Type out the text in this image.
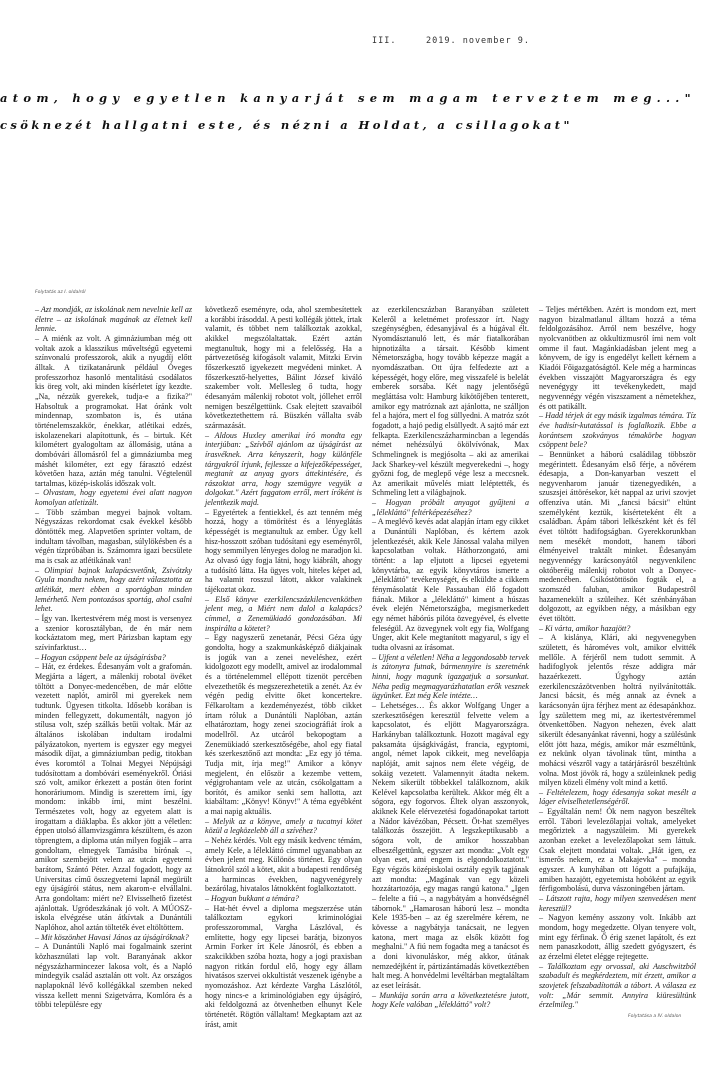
III.	2019. november 9.
atom, hogy egyetlen kanyarját sem magam terveztem meg..."
csöknezét hallgatni este, és nézni a Holdat, a csillagokat"
Folytatás az I. oldalról

– Azt mondják, az iskolának nem nevelnie kell az életre – az iskolának magának az életnek kell lennie.

– A miénk az volt. A gimnáziumban még ott voltak azok a klasszikus műveltségű egyetemi színvonalú professzorok, akik a nyugdíj előtt álltak. A tizikatanárunk például Óveges professzorhoz hasonló mentalitású csodálatos kis öreg volt, aki minden kísérletet így kezdte. „Na, nézzük gyerekek, tudja-e a fizika?" Habsoltuk a programokat. Hat óránk volt mindennap, szombaton is, és utána történelemszakkör, énekkar, atlétikai edzés, iskolazenekari alapítottunk, és – birtuk. Két kilométert gyalogoltam az állomásig, utána a dombóvári állomásról fel a gimnáziumba meg máshét kilométer, ezt egy fárasztó edzést követően haza, aztán még tanulni. Végtelenül tartalmas, közép-iskolás időszak volt.

– Olvastam, hogy egyetemi évei alatt nagyon komolyan atletizált.

– Több számban megyei bajnok voltam. Négyszázas rekordomat csak évekkel később döntötték meg. Alapvetően sprinter voltam, de indultam távolban, magasban, súlylökésben és a végén tízpróbában is. Számomra igazi becsülete ma is csak az atlétikának van!

– Olimpiai bajnok kalapácsvetőnk, Zsivótzky Gyula mondta nekem, hogy azért választotta az atlétikát, mert ebben a sportágban minden lemérhető. Nem pontozásos sportág, ahol csalni lehet.

– Így van. Ikertestvérem még most is versenyez a szenior korosztályban, de én már nem kockáztatom meg, mert Párizsban kaptam egy szívinfarktust…

– Hogyan csöppent bele az újságírásba?

– Hát, ez érdekes. Édesanyám volt a grafomán. Megjárta a lágert, a málenkij robotal övéket töltött a Donyec-medencében, de már előtte vezetett naplót, amiről mi gyerekek nem tudtunk. Ügyesen titkolta. Idősebb korában is minden fellegyzett, dokumentált, nagyon jó stílusa volt, szép szálkás betűi voltak. Már az általános iskolában indultam irodalmi pályázatokon, nyertem is egyszer egy megyei második díjat, a gimnáziumban pedig, titokban éves koromtól a Tolnai Megyei Népújsági tudósítottam a dombóvári eseményekről. Óriási szó volt, amikor érkezett a postán öten forint honoráriumom. Mindig is szerettem írni, így mondom: inkább írni, mint beszélni. Természetes volt, hogy az egyetem alatt is írogattam a diáklapba. És akkor jött a véletlen: éppen utolsó államvizsgámra készültem, és azon töprengtem, a diploma után milyen fogják – arra gondoltam, elmegyek Tamásiba bírónak –, amikor szembejött velem az utcán egyetemi barátom, Szántó Péter. Azzal fogadott, hogy az Universitas című összegyetemi lapnál megürült egy újságírói státus, nem akarom-e elvállalni. Arra gondoltam: miért ne? Elvisselhető fizetést ajánlottak. Ugródeszkának jó volt. A MÚOSZ-iskola elvégzése után átkívtak a Dunántúli Naplóhoz, ahol aztán tölteték évet eltöltöttem.

– Mit köszönhet Havasi János az újságíróknak?

– A Dunántúli Napló mai fogalmaink szerint közhasznúlati lap volt. Baranyának akkor négyszázharmincezer lakosa volt, és a Napló mindegyik család asztalán ott volt. Az országos naplapoknál lévő kollégákkal szemben neked vissza kellett menni Szigetvárra, Komlóra és a többi településre egy

következő eseményre, oda, ahol szembesítettek a korábbi írásoddal. A pesti kollégák jöttek, írtak valamit, és többet nem találkoztak azokkal, akikkel megszólaltattak. Ezért aztán megtanultuk, hogy mi a felelősség. Ha a pártvezetőség kifogásolt valamit, Mitzki Ervin főszerkesztő igyekezett megvédeni minket. A főszerkesztő-helyettes, Bálint József kiváló szakember volt. Mellesleg ő tudta, hogy édesanyám málenkij robotot volt, jóllehet erről nemigen beszélgettünk. Csak elejtett szavaiból következtethettem rá. Büszkén vállalta sváb származását.

– Aldous Huxley amerikai író mondta egy interjúban: „Szívből ajánlom az újságírást az írasvéknek. Arra kényszerít, hogy különféle tárgyakról írjunk, fejlessze a kifejezőképességet, megtanít az anyag gyors áttekintésére, és rászoktat arra, hogy szemügyre vegyük a dolgokat." Azért faggatom erről, mert íróként is jelentkezik majd.

– Egyetértek a fentiekkel, és azt tenném még hozzá, hogy a tömörítést és a lényeglátás képességét is megtanultuk az ember. Úgy kell hisz-hosszott szóban tudósítani egy eseményről, hogy semmilyen lényeges dolog ne maradjon ki. Az olvasó úgy fogja látni, hogy kiábrált, ahogy a tudósító látta. Ha ügyes volt, hiteles képet ad, ha valamit rosszul látott, akkor valakinek tájékoztat okoz.

– Első könyve ezerkilencszázkilencvenkötben jelent meg, a Miért nem dalol a kalapács? címmel, a Zenemükiadó gondozásában. Mi inspirálta a kötetet?

– Egy nagyszerű zenetanár, Pécsi Géza úgy gondolta, hogy a szakmunkásképző diákjainak is jogúk van a zenei neveléshez, ezért kidolgozott egy modellt, amivel az irodalommal és a történelemmel ellépott tizenöt percében elvezethetők és megszerezhetetik a zenét. Az év végén pedig elvitte őket koncertekre. Félkaroltam a kezdeményezést, több cikket írtam róluk a Dunántúli Naplóban, aztán elhatároztam, hogy zenei szociográfiát írok a modellről. Az utcáról bekopogtam a Zenemükiadó szerkesztőségébe, ahol egy fiatal kés szerkesztőnő azt mondta: „Ez egy jó téma. Tudja mit, írja meg!" Amikor a könyv megjelent, én először a kezembe vettem, végigrohantam vele az utcán, csókolgattam a borítót, és amikor senki sem hallotta, azt kiabáltam: „Könyv! Könyv!" A téma egyébként a mai napig aktuális.

– Melyik az a könyve, amely a tucatnyi kötet közül a legközelebb áll a szívéhez?

– Nehéz kérdés. Volt egy másik kedvenc témám, amely Kele, a lélekláttó címmel ugyanabban az évben jelent meg. Különös történet. Egy olyan látnokról szól a kötet, akit a budapesti rendőrség a harmincas években, nagyvenégyrely bezárólag, hivatalos látnokként foglalkoztatott.

– Hogyan bukkant a témára?

– Hat-hét évvel a diploma megszerzése után találkoztam egykori kriminológiai professzorommal, Vargha Lászlóval, és említette, hogy egy lipcsei barátja, bizonyos Armin Forker írt Kele Jánosról, és ebben a szakcikkben szóba hozta, hogy a jogi praxisban nagyon ritkán fordul elő, hogy egy állam hivatásos szervei okkultistát veszenek igénybe a nyomozáshoz. Azt kérdezte Vargha Lászlótól, hogy nincs-e a kriminológiaben egy újságíró, aki feldolgozná az ötvenhetben elhunyt Kele történetét. Rögtön vállaltam! Megkaptam azt az írást, amit

az ezerkilencszázban Baranyában született Keleről a keletnémet professzor írt. Nagy szegénységben, édesanyjával és a húgával élt. Nyomdásztanuló lett, és már fiatalkorában hipnotizálta a társait. Később kiment Németországba, hogy tovább képezze magát a nyomdászatban. Ott újra felfedezte azt a képességét, hogy előre, meg visszafelé is belelát emberek sorsába. Két nagy jelentőségű megláttása volt: Hamburg kikötőjében tenterett, amikor egy matróznak azt ajánlotta, ne szálljon fel a hajóra, mert el fog süllyedni. A matróz szót fogadott, a hajó pedig elsüllyedt. A sajtó már ezt felkapta. Ezerkilencszázharmincban a legendás német nehézsúlyú ökölvívónak, Max Schmelingnek is megjósolta – aki az amerikai Jack Sharkey-vel készült megverekedni –, hogy győzni fog, de meglepő vége lesz a meccsnek. Az amerikait művelés miatt leléptették, és Schmeling lett a világbajnok.

– Hogyan próbált anyagot gyűjteni a „lélekláttó" feltérképezéséhez?

– A meglévő kevés adat alapján írtam egy cikket a Dunántúli Naplóban, és kértem azok jelentkezését, akik Kele Jánossal valaha milyen kapcsolatban voltak. Háthorzongató, ami történt: a lap eljutott a lipcsei egyetemi könyvtárba, az egyik könyvtáros ismerte a „lélekláttó" tevékenységét, és elküldte a cikkem fénymásolatát Kele Passauban élő fogadott fiának. Mikor a „lélekláttó" kiment a húszas évek elején Németországba, megismerkedett egy német hábórús pilóta özvegyével, és elvette feleségül. Az özvegynek volt egy fia, Wolfgang Unger, akit Kele megtanított magyarul, s így el tudta olvasni az írásomat.

– Ujfent a véletlen! Néha a leggondosabb tervek is zátonyra futnak, bármennyire is szeretnénk hinni, hogy magunk igazgatjuk a sorsunkat. Néha pedig megmagyarázhatatlan erők vesznek ügyünket. Ezt még Kele intézte…

– Lehetséges… És akkor Wolfgang Unger a szerkesztőségen keresztül felvette velem a kapcsolatot, és eljött Magyarországra. Harkányban találkoztunk. Hozott magával egy paksamáta újságkivágást, francia, egyptomi, angol, német lapok cikkeit, meg nevelőapja naplóját, amit sajnos nem élete végéig, de sokáig vezetett. Valamennyit átadta nekem. Nekem sikerült többekkel találkoznom, akik Kelével kapcsolatba kerültek. Akkor még élt a sógora, egy fogorvos. Éltek olyan asszonyok, akiknek Kele elérvezetési fogadónapokat tartott a Nádor kávézóban, Pécsett. Öt-hat személyes találkozás összejött. A legszkeptikusabb a sógora volt, de amikor hosszabban elbeszélgettünk, egyszer azt mondta: „Volt egy olyan eset, ami engem is elgondolkoztatott." Egy végzös középiskolai osztály egyik tagjának azt mondta: „Magának van egy közeli hozzátartozója, egy magas rangú katona." „Igen – felelte a fiú –, a nagybátyám a honvédségnél tábornok." „Hamarosan háború lesz – mondta Kele 1935-ben – az ég szerelmére kérem, ne kövesse a nagybátyja tanácsait, ne legyen katona, mert maga az elsők között fog meghalni." A fiú nem fogadta meg a tanácsot és a doni kivonuláskor, még akkor, útának nemzedéjként ír, pártizántámadás következtében halt meg. A honvédelmi levéltárban megtaláltam az eset leírását.

– Munkája során arra a következtetésre jutott, hogy Kele valóban „lélekláttó" volt?

– Teljes mértékben. Azért is mondom ezt, mert nagyon bizalmatlanul álltam hozzá a téma feldolgozásához. Arról nem beszélve, hogy nyolcvanötben az okkultizmusról írni nem volt omme il faut. Magánkiadásban jelent meg a könyvem, de így is engedélyt kellett kérnem a Kiadói Főigazgatóságtól. Kele még a harmincas években visszajött Magyarországra és egy nevenégygy itt tevékenykedett, majd negyvennégy végén viszszament a németekhez, és ott patikállt.

– Hadd térjek át egy másik izgalmas témára. Tíz éve hadisír-kutatással is foglalkozik. Ebbe a korántsem szokványos témakörbe hogyan csöppent bele?

– Bennünket a háború családilag többször megérintett. Édesanyám első férje, a nővérem édesapja, a Don-kanyarban veszett el negyvenharom január tizenegyedikén, a szuszsjei áttörésekor, két nappal az urivi szovjet offenzíva után. Mi „fancsi bácsit" eltünt személyként keztük, kísérteteként élt a családban. Ápám tábori lelkészként két és fél évet töltött hadifogságban. Gyerekkorunkban nem mesékét mondott, hanem tábori élményeivel traktált minket. Édesanyám negyvennégy karácsonyától negyvenkilenc októberéig málenkij robotot volt a Donyec-medencében. Csikóstöttösön fogták el, a szomszéd faluban, amikor Budapestről hazamenekült a szüleihez. Két szénbányában dolgozott, az egyikben négy, a másikban egy évet töltött.

– Ki várta, amikor hazajött?

– A kislánya, Klári, aki negyvenegyben született, és hároméves volt, amikor elvitték mellőle. A férjéről nem tudott semmit. A hadifoglyok jelentős része addigra már hazaérkezett. Úgyhogy aztán ezerkilencszázötvenben holtrá nyilvánították. Jancsi bácsit, és még annak az évnek a karácsonyán újra férjhez ment az édesapánkhoz. Így születtem meg mi, az ikertestvéremmel ötvenkettőben. Nagyon nehezen, évek alatt sikerült édesanyánkat rávenni, hogy a szülésünk előtt jött haza, mégis, amikor már eszméltünk, ez nekünk olyan távolinak tűnt, mintha a mohácsi vészről vagy a tatárjárásról beszéltünk volna. Most jövök rá, hogy a szüleinknek pedig milyen közeli élmény volt mind a kettő.

– Feltételezem, hogy édesanyja sokat mesélt a láger elviselhetetlenségéről.

– Egyáltalán nem! Ók nem nagyon beszéltek erről. Tábori levelezőlapjai voltak, amelyeket megőriztek a nagyszüleim. Mi gyerekek azonban ezeket a levelezőlapokat sem láttuk. Csak elejtett mondatai voltak. „Hát igen, ez ismerős nekem, ez a Makajevka" – mondta egyszer. A kunyhában ott lógott a pufajkája, amiben hazajött, egyetemista hobóként az egyik férfigombolású, durva vászoningében jártam.

– Látszott rajta, hogy milyen szenvedésen ment keresztül?

– Nagyon kemény asszony volt. Inkább azt mondom, hogy megedzette. Olyan tenyere volt, mint egy férfinak. Ő érig szenet lapátolt, és ezt nem panaszkodott, állig szedett gyógyszert, és az érzelmi életet elégge rejtegette.

– Találkoztam egy orvossal, aki Auschwitzból szabadult és megkérdeztem, mit érzett, amikor a szovjetek felszabadították a tábort. A válasza ez volt: „Már semmit. Annyira kiüresültünk érzelmileg."

Folytatása a IV. oldalon
